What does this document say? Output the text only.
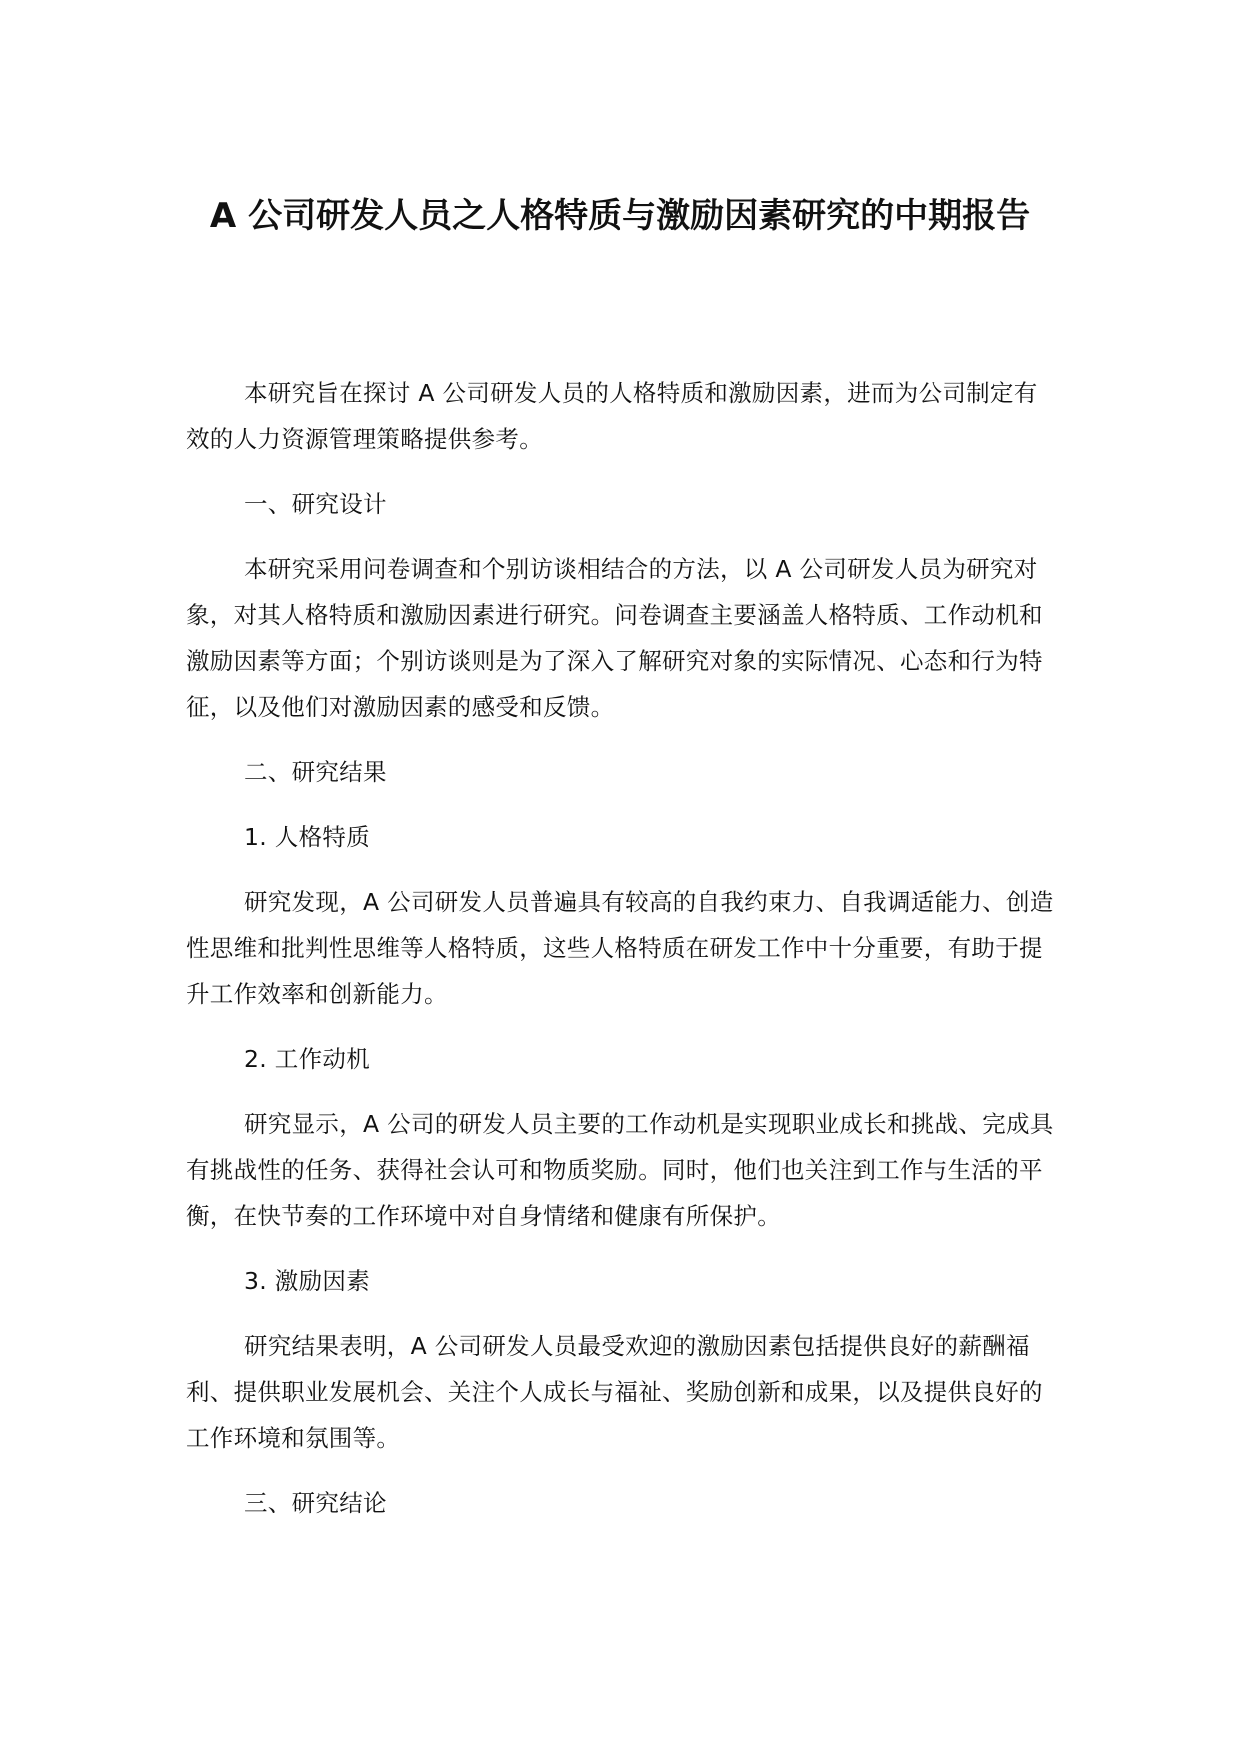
A 公司研发人员之人格特质与激励因素研究的中期报告

本研究旨在探讨 A 公司研发人员的人格特质和激励因素，进而为公司制定有效的人力资源管理策略提供参考。

一、研究设计

本研究采用问卷调查和个别访谈相结合的方法，以 A 公司研发人员为研究对象，对其人格特质和激励因素进行研究。问卷调查主要涵盖人格特质、工作动机和激励因素等方面；个别访谈则是为了深入了解研究对象的实际情况、心态和行为特征，以及他们对激励因素的感受和反馈。

二、研究结果

1. 人格特质

研究发现，A 公司研发人员普遍具有较高的自我约束力、自我调适能力、创造性思维和批判性思维等人格特质，这些人格特质在研发工作中十分重要，有助于提升工作效率和创新能力。

2. 工作动机

研究显示，A 公司的研发人员主要的工作动机是实现职业成长和挑战、完成具有挑战性的任务、获得社会认可和物质奖励。同时，他们也关注到工作与生活的平衡，在快节奏的工作环境中对自身情绪和健康有所保护。

3. 激励因素

研究结果表明，A 公司研发人员最受欢迎的激励因素包括提供良好的薪酬福利、提供职业发展机会、关注个人成长与福祉、奖励创新和成果，以及提供良好的工作环境和氛围等。

三、研究结论
